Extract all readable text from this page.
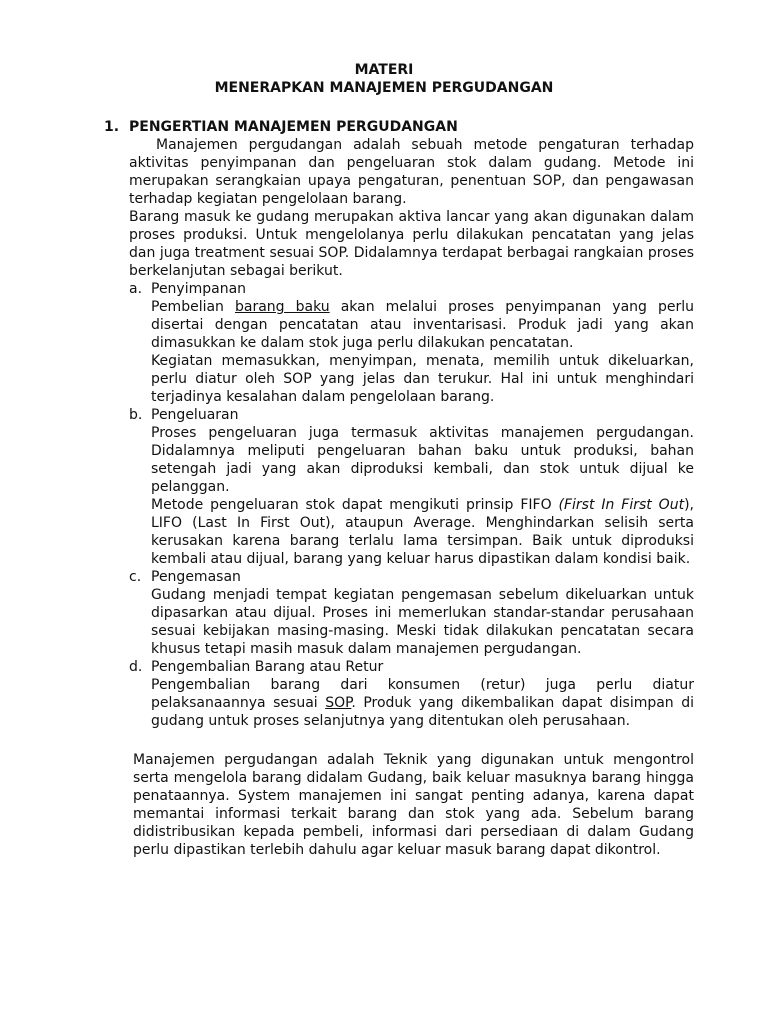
MATERI
MENERAPKAN MANAJEMEN PERGUDANGAN
1. PENGERTIAN MANAJEMEN PERGUDANGAN

Manajemen pergudangan adalah sebuah metode pengaturan terhadap aktivitas penyimpanan dan pengeluaran stok dalam gudang. Metode ini merupakan serangkaian upaya pengaturan, penentuan SOP, dan pengawasan terhadap kegiatan pengelolaan barang.

Barang masuk ke gudang merupakan aktiva lancar yang akan digunakan dalam proses produksi. Untuk mengelolanya perlu dilakukan pencatatan yang jelas dan juga treatment sesuai SOP. Didalamnya terdapat berbagai rangkaian proses berkelanjutan sebagai berikut.

a. Penyimpanan

Pembelian barang baku akan melalui proses penyimpanan yang perlu disertai dengan pencatatan atau inventarisasi. Produk jadi yang akan dimasukkan ke dalam stok juga perlu dilakukan pencatatan.

Kegiatan memasukkan, menyimpan, menata, memilih untuk dikeluarkan, perlu diatur oleh SOP yang jelas dan terukur. Hal ini untuk menghindari terjadinya kesalahan dalam pengelolaan barang.

b. Pengeluaran

Proses pengeluaran juga termasuk aktivitas manajemen pergudangan. Didalamnya meliputi pengeluaran bahan baku untuk produksi, bahan setengah jadi yang akan diproduksi kembali, dan stok untuk dijual ke pelanggan.

Metode pengeluaran stok dapat mengikuti prinsip FIFO (First In First Out), LIFO (Last In First Out), ataupun Average. Menghindarkan selisih serta kerusakan karena barang terlalu lama tersimpan. Baik untuk diproduksi kembali atau dijual, barang yang keluar harus dipastikan dalam kondisi baik.

c. Pengemasan

Gudang menjadi tempat kegiatan pengemasan sebelum dikeluarkan untuk dipasarkan atau dijual. Proses ini memerlukan standar-standar perusahaan sesuai kebijakan masing-masing. Meski tidak dilakukan pencatatan secara khusus tetapi masih masuk dalam manajemen pergudangan.

d. Pengembalian Barang atau Retur

Pengembalian barang dari konsumen (retur) juga perlu diatur pelaksanaannya sesuai SOP. Produk yang dikembalikan dapat disimpan di gudang untuk proses selanjutnya yang ditentukan oleh perusahaan.

Manajemen pergudangan adalah Teknik yang digunakan untuk mengontrol serta mengelola barang didalam Gudang, baik keluar masuknya barang hingga penataannya. System manajemen ini sangat penting adanya, karena dapat memantai informasi terkait barang dan stok yang ada. Sebelum barang didistribusikan kepada pembeli, informasi dari persediaan di dalam Gudang perlu dipastikan terlebih dahulu agar keluar masuk barang dapat dikontrol.
